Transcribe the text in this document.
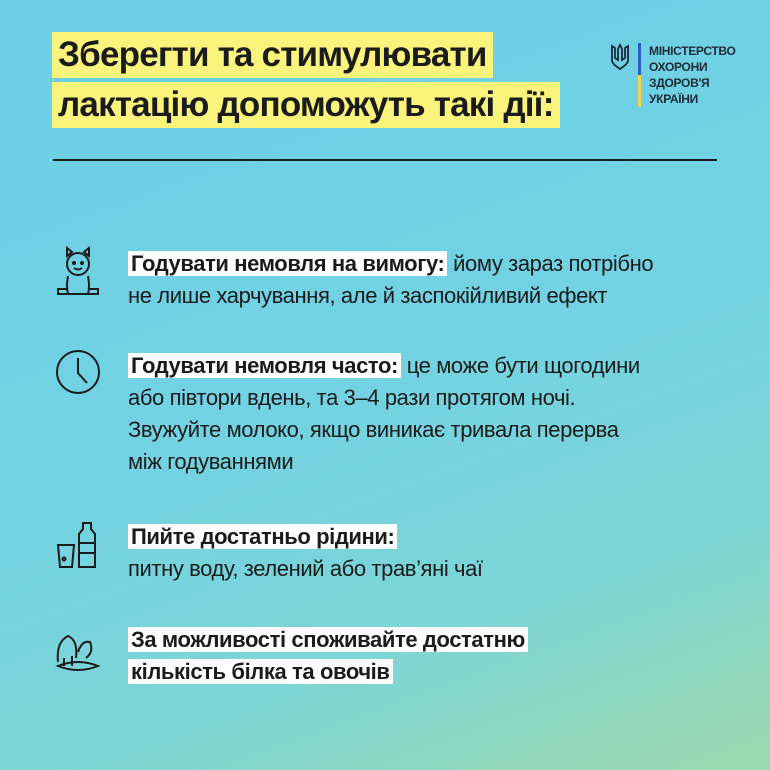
Зберегти та стимулювати
лактацію допоможуть такі дії:
МІНІСТЕРСТВО
ОХОРОНИ
ЗДОРОВ'Я
УКРАЇНИ
Годувати немовля на вимогу: йому зараз потрібно
не лише харчування, але й заспокійливий ефект
Годувати немовля часто: це може бути щогодини
або півтори вдень, та 3–4 рази протягом ночі.
Звужуйте молоко, якщо виникає тривала перерва
між годуваннями
Пийте достатньо рідини:
питну воду, зелений або трав’яні чаї
За можливості споживайте достатню
кількість білка та овочів
